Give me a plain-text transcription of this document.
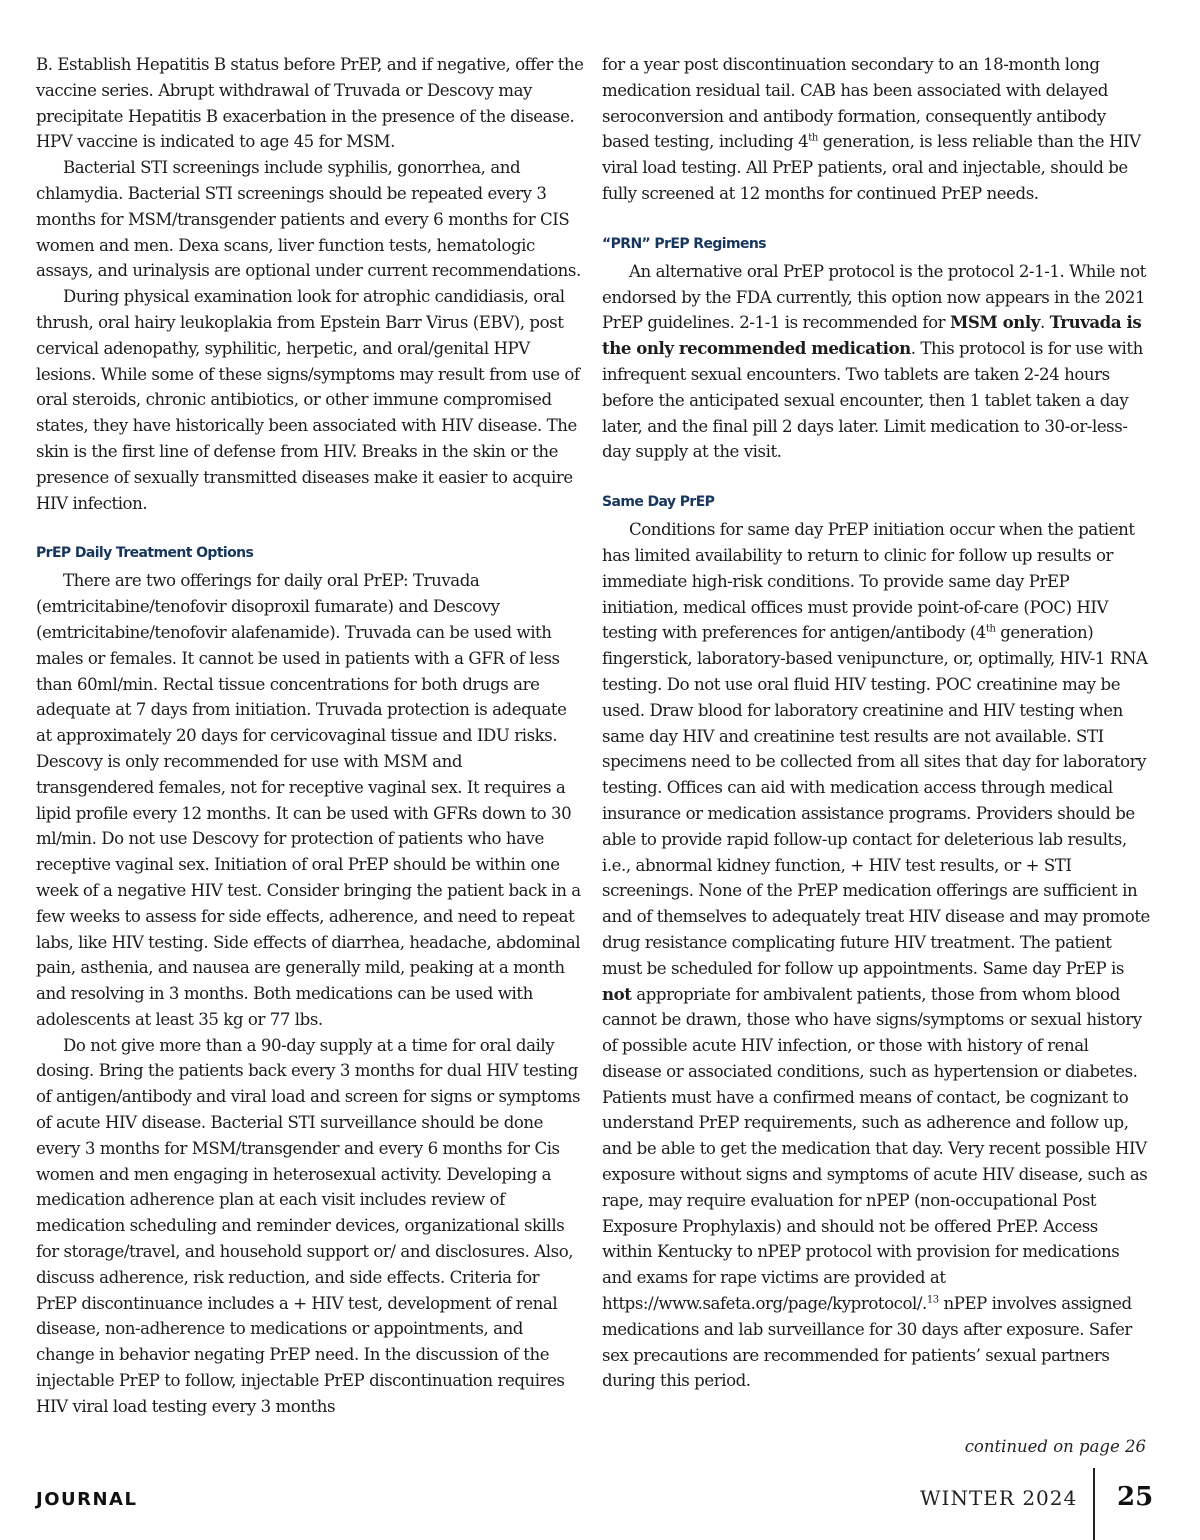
B. Establish Hepatitis B status before PrEP, and if negative, offer the vaccine series. Abrupt withdrawal of Truvada or Descovy may precipitate Hepatitis B exacerbation in the presence of the disease. HPV vaccine is indicated to age 45 for MSM.

Bacterial STI screenings include syphilis, gonorrhea, and chlamydia. Bacterial STI screenings should be repeated every 3 months for MSM/transgender patients and every 6 months for CIS women and men. Dexa scans, liver function tests, hematologic assays, and urinalysis are optional under current recommendations.

During physical examination look for atrophic candidiasis, oral thrush, oral hairy leukoplakia from Epstein Barr Virus (EBV), post cervical adenopathy, syphilitic, herpetic, and oral/genital HPV lesions. While some of these signs/symptoms may result from use of oral steroids, chronic antibiotics, or other immune compromised states, they have historically been associated with HIV disease. The skin is the first line of defense from HIV. Breaks in the skin or the presence of sexually transmitted diseases make it easier to acquire HIV infection.

PrEP Daily Treatment Options

There are two offerings for daily oral PrEP: Truvada (emtricitabine/tenofovir disoproxil fumarate) and Descovy (emtricitabine/tenofovir alafenamide). Truvada can be used with males or females. It cannot be used in patients with a GFR of less than 60ml/min. Rectal tissue concentrations for both drugs are adequate at 7 days from initiation. Truvada protection is adequate at approximately 20 days for cervicovaginal tissue and IDU risks. Descovy is only recommended for use with MSM and transgendered females, not for receptive vaginal sex. It requires a lipid profile every 12 months. It can be used with GFRs down to 30 ml/min. Do not use Descovy for protection of patients who have receptive vaginal sex. Initiation of oral PrEP should be within one week of a negative HIV test. Consider bringing the patient back in a few weeks to assess for side effects, adherence, and need to repeat labs, like HIV testing. Side effects of diarrhea, headache, abdominal pain, asthenia, and nausea are generally mild, peaking at a month and resolving in 3 months. Both medications can be used with adolescents at least 35 kg or 77 lbs.

Do not give more than a 90-day supply at a time for oral daily dosing. Bring the patients back every 3 months for dual HIV testing of antigen/antibody and viral load and screen for signs or symptoms of acute HIV disease. Bacterial STI surveillance should be done every 3 months for MSM/transgender and every 6 months for Cis women and men engaging in heterosexual activity. Developing a medication adherence plan at each visit includes review of medication scheduling and reminder devices, organizational skills for storage/travel, and household support or/ and disclosures. Also, discuss adherence, risk reduction, and side effects. Criteria for PrEP discontinuance includes a + HIV test, development of renal disease, non-adherence to medications or appointments, and change in behavior negating PrEP need. In the discussion of the injectable PrEP to follow, injectable PrEP discontinuation requires HIV viral load testing every 3 months

for a year post discontinuation secondary to an 18-month long medication residual tail. CAB has been associated with delayed seroconversion and antibody formation, consequently antibody based testing, including 4th generation, is less reliable than the HIV viral load testing. All PrEP patients, oral and injectable, should be fully screened at 12 months for continued PrEP needs.

“PRN” PrEP Regimens

An alternative oral PrEP protocol is the protocol 2-1-1. While not endorsed by the FDA currently, this option now appears in the 2021 PrEP guidelines. 2-1-1 is recommended for MSM only. Truvada is the only recommended medication. This protocol is for use with infrequent sexual encounters. Two tablets are taken 2-24 hours before the anticipated sexual encounter, then 1 tablet taken a day later, and the final pill 2 days later. Limit medication to 30-or-less-day supply at the visit.

Same Day PrEP

Conditions for same day PrEP initiation occur when the patient has limited availability to return to clinic for follow up results or immediate high-risk conditions. To provide same day PrEP initiation, medical offices must provide point-of-care (POC) HIV testing with preferences for antigen/antibody (4th generation) fingerstick, laboratory-based venipuncture, or, optimally, HIV-1 RNA testing. Do not use oral fluid HIV testing. POC creatinine may be used. Draw blood for laboratory creatinine and HIV testing when same day HIV and creatinine test results are not available. STI specimens need to be collected from all sites that day for laboratory testing. Offices can aid with medication access through medical insurance or medication assistance programs. Providers should be able to provide rapid follow-up contact for deleterious lab results, i.e., abnormal kidney function, + HIV test results, or + STI screenings. None of the PrEP medication offerings are sufficient in and of themselves to adequately treat HIV disease and may promote drug resistance complicating future HIV treatment. The patient must be scheduled for follow up appointments. Same day PrEP is not appropriate for ambivalent patients, those from whom blood cannot be drawn, those who have signs/symptoms or sexual history of possible acute HIV infection, or those with history of renal disease or associated conditions, such as hypertension or diabetes. Patients must have a confirmed means of contact, be cognizant to understand PrEP requirements, such as adherence and follow up, and be able to get the medication that day. Very recent possible HIV exposure without signs and symptoms of acute HIV disease, such as rape, may require evaluation for nPEP (non-occupational Post Exposure Prophylaxis) and should not be offered PrEP. Access within Kentucky to nPEP protocol with provision for medications and exams for rape victims are provided at https://www.safeta.org/page/kyprotocol/.$^{13}$ nPEP involves assigned medications and lab surveillance for 30 days after exposure. Safer sex precautions are recommended for patients’ sexual partners during this period.

continued on page 26
JOURNAL	WINTER 2024 25
